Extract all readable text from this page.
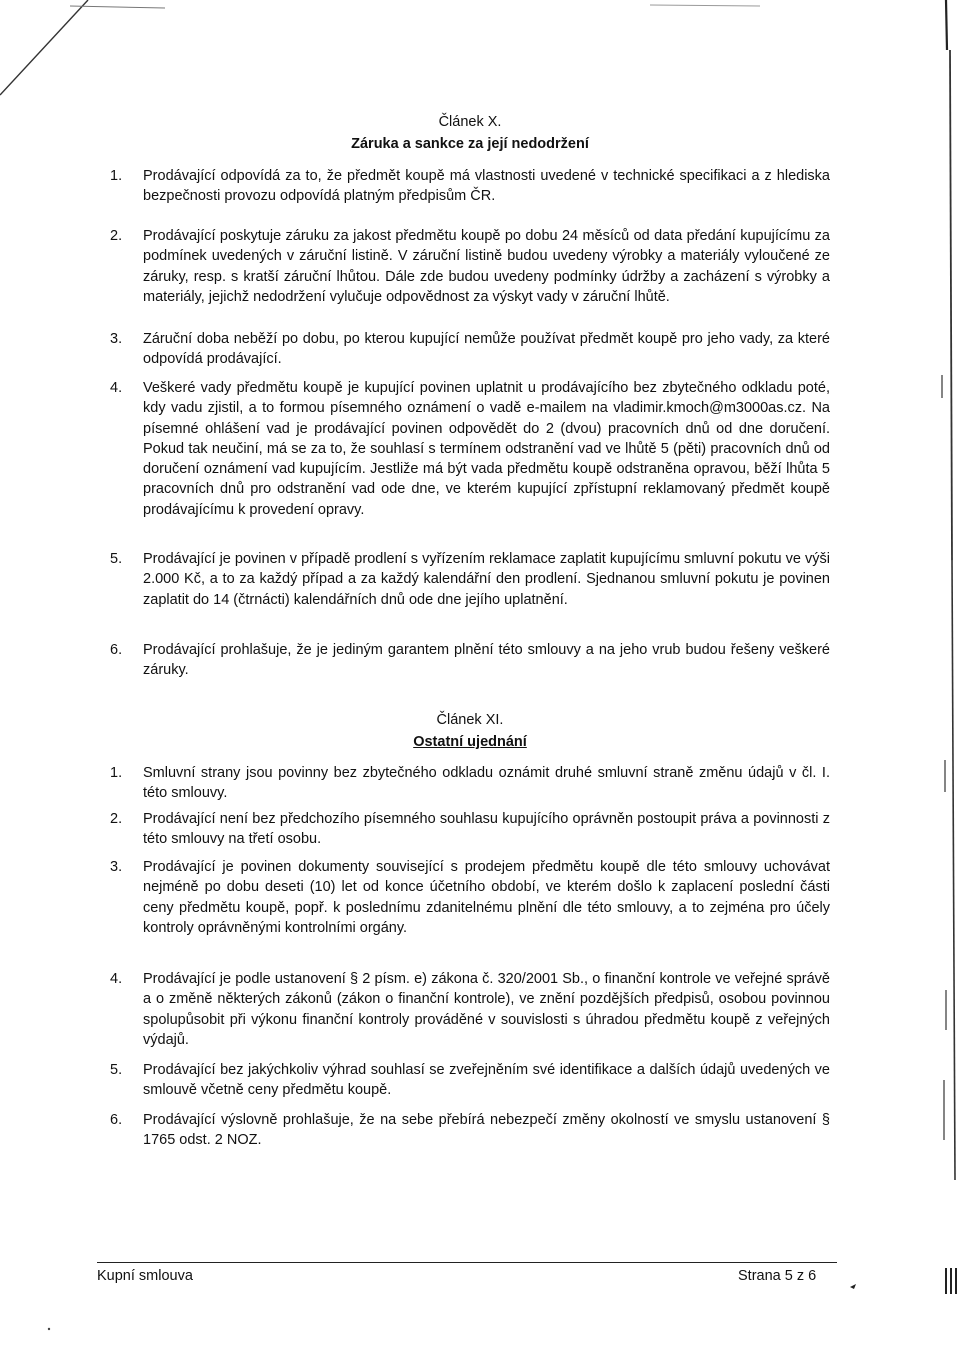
Článek X.
Záruka a sankce za její nedodržení
1.	Prodávající odpovídá za to, že předmět koupě má vlastnosti uvedené v technické specifikaci a z hlediska bezpečnosti provozu odpovídá platným předpisům ČR.
2.	Prodávající poskytuje záruku za jakost předmětu koupě po dobu 24 měsíců od data předání kupujícímu za podmínek uvedených v záruční listině. V záruční listině budou uvedeny výrobky a materiály vyloučené ze záruky, resp. s kratší záruční lhůtou. Dále zde budou uvedeny podmínky údržby a zacházení s výrobky a materiály, jejichž nedodržení vylučuje odpovědnost za výskyt vady v záruční lhůtě.
3.	Záruční doba neběží po dobu, po kterou kupující nemůže používat předmět koupě pro jeho vady, za které odpovídá prodávající.
4.	Veškeré vady předmětu koupě je kupující povinen uplatnit u prodávajícího bez zbytečného odkladu poté, kdy vadu zjistil, a to formou písemného oznámení o vadě e-mailem na vladimir.kmoch@m3000as.cz. Na písemné ohlášení vad je prodávající povinen odpovědět do 2 (dvou) pracovních dnů od dne doručení. Pokud tak neučiní, má se za to, že souhlasí s termínem odstranění vad ve lhůtě 5 (pěti) pracovních dnů od doručení oznámení vad kupujícím. Jestliže má být vada předmětu koupě odstraněna opravou, běží lhůta 5 pracovních dnů pro odstranění vad ode dne, ve kterém kupující zpřístupní reklamovaný předmět koupě prodávajícímu k provedení opravy.
5.	Prodávající je povinen v případě prodlení s vyřízením reklamace zaplatit kupujícímu smluvní pokutu ve výši 2.000 Kč, a to za každý případ a za každý kalendářní den prodlení. Sjednanou smluvní pokutu je povinen zaplatit do 14 (čtrnácti) kalendářních dnů ode dne jejího uplatnění.
6.	Prodávající prohlašuje, že je jediným garantem plnění této smlouvy a na jeho vrub budou řešeny veškeré záruky.
Článek XI.
Ostatní ujednání
1.	Smluvní strany jsou povinny bez zbytečného odkladu oznámit druhé smluvní straně změnu údajů v čl. I. této smlouvy.
2.	Prodávající není bez předchozího písemného souhlasu kupujícího oprávněn postoupit práva a povinnosti z této smlouvy na třetí osobu.
3.	Prodávající je povinen dokumenty související s prodejem předmětu koupě dle této smlouvy uchovávat nejméně po dobu deseti (10) let od konce účetního období, ve kterém došlo k zaplacení poslední části ceny předmětu koupě, popř. k poslednímu zdanitelnému plnění dle této smlouvy, a to zejména pro účely kontroly oprávněnými kontrolními orgány.
4.	Prodávající je podle ustanovení § 2 písm. e) zákona č. 320/2001 Sb., o finanční kontrole ve veřejné správě a o změně některých zákonů (zákon o finanční kontrole), ve znění pozdějších předpisů, osobou povinnou spolupůsobit při výkonu finanční kontroly prováděné v souvislosti s úhradou předmětu koupě z veřejných výdajů.
5.	Prodávající bez jakýchkoliv výhrad souhlasí se zveřejněním své identifikace a dalších údajů uvedených ve smlouvě včetně ceny předmětu koupě.
6.	Prodávající výslovně prohlašuje, že na sebe přebírá nebezpečí změny okolností ve smyslu ustanovení § 1765 odst. 2 NOZ.
Kupní smlouva	Strana 5 z 6
